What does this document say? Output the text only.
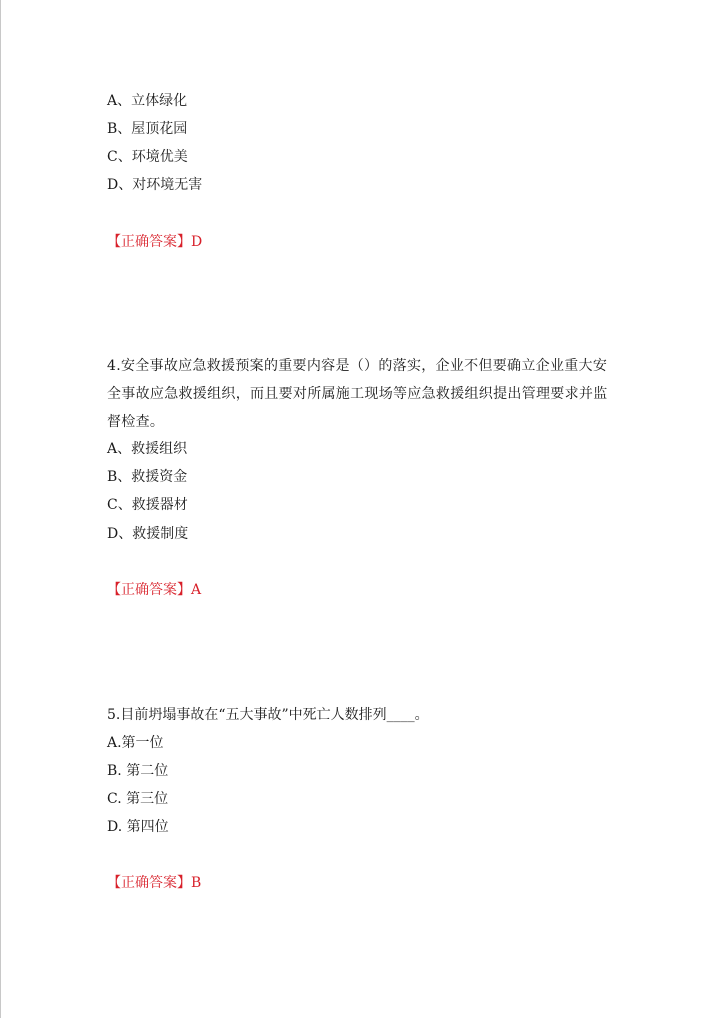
A、立体绿化
B、屋顶花园
C、环境优美
D、对环境无害
【正确答案】D
4.安全事故应急救援预案的重要内容是（）的落实，企业不但要确立企业重大安全事故应急救援组织，而且要对所属施工现场等应急救援组织提出管理要求并监督检查。
A、救援组织
B、救援资金
C、救援器材
D、救援制度
【正确答案】A
5.目前坍塌事故在“五大事故”中死亡人数排列____。
A.第一位
B. 第二位
C. 第三位
D. 第四位
【正确答案】B
